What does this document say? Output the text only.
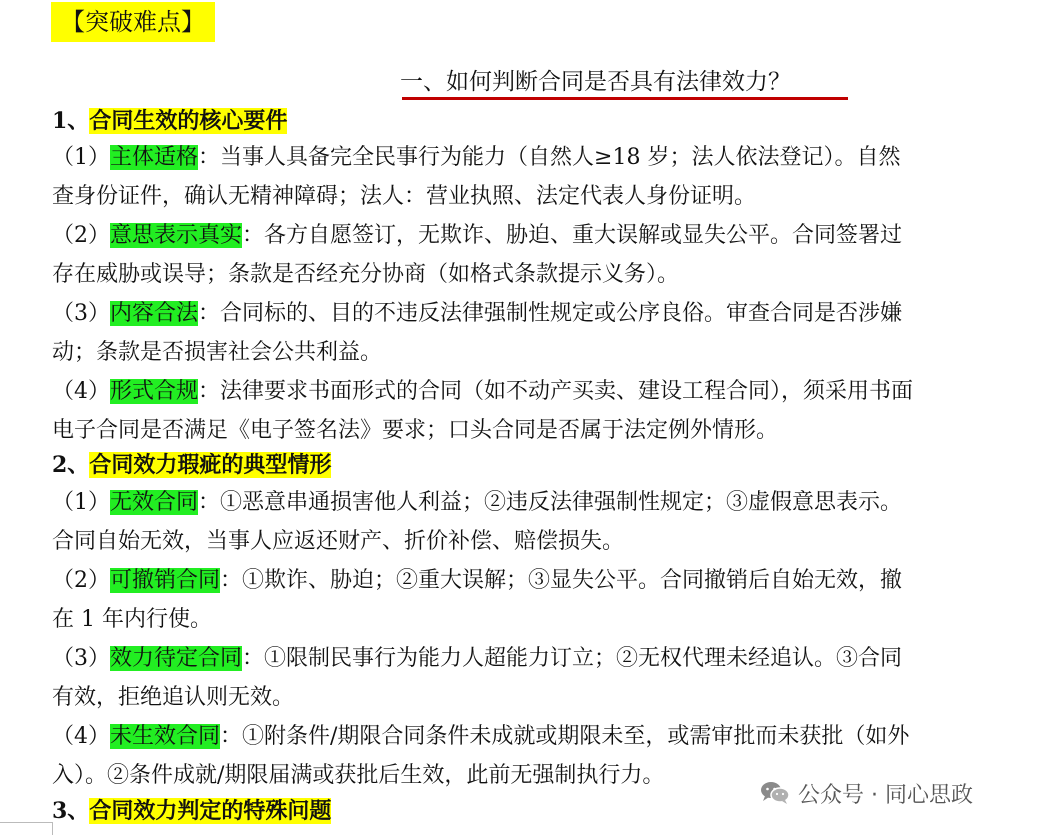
【突破难点】
一、如何判断合同是否具有法律效力？
1、合同生效的核心要件
（1）主体适格：当事人具备完全民事行为能力（自然人≥18 岁；法人依法登记）。自然
查身份证件，确认无精神障碍；法人：营业执照、法定代表人身份证明。
（2）意思表示真实：各方自愿签订，无欺诈、胁迫、重大误解或显失公平。合同签署过
存在威胁或误导；条款是否经充分协商（如格式条款提示义务）。
（3）内容合法：合同标的、目的不违反法律强制性规定或公序良俗。审查合同是否涉嫌
动；条款是否损害社会公共利益。
（4）形式合规：法律要求书面形式的合同（如不动产买卖、建设工程合同），须采用书面
电子合同是否满足《电子签名法》要求；口头合同是否属于法定例外情形。
2、合同效力瑕疵的典型情形
（1）无效合同：①恶意串通损害他人利益；②违反法律强制性规定；③虚假意思表示。
合同自始无效，当事人应返还财产、折价补偿、赔偿损失。
（2）可撤销合同：①欺诈、胁迫；②重大误解；③显失公平。合同撤销后自始无效，撤
在 1 年内行使。
（3）效力待定合同：①限制民事行为能力人超能力订立；②无权代理未经追认。③合同
有效，拒绝追认则无效。
（4）未生效合同：①附条件/期限合同条件未成就或期限未至，或需审批而未获批（如外
入）。②条件成就/期限届满或获批后生效，此前无强制执行力。
3、合同效力判定的特殊问题
公众号 · 同心思政
